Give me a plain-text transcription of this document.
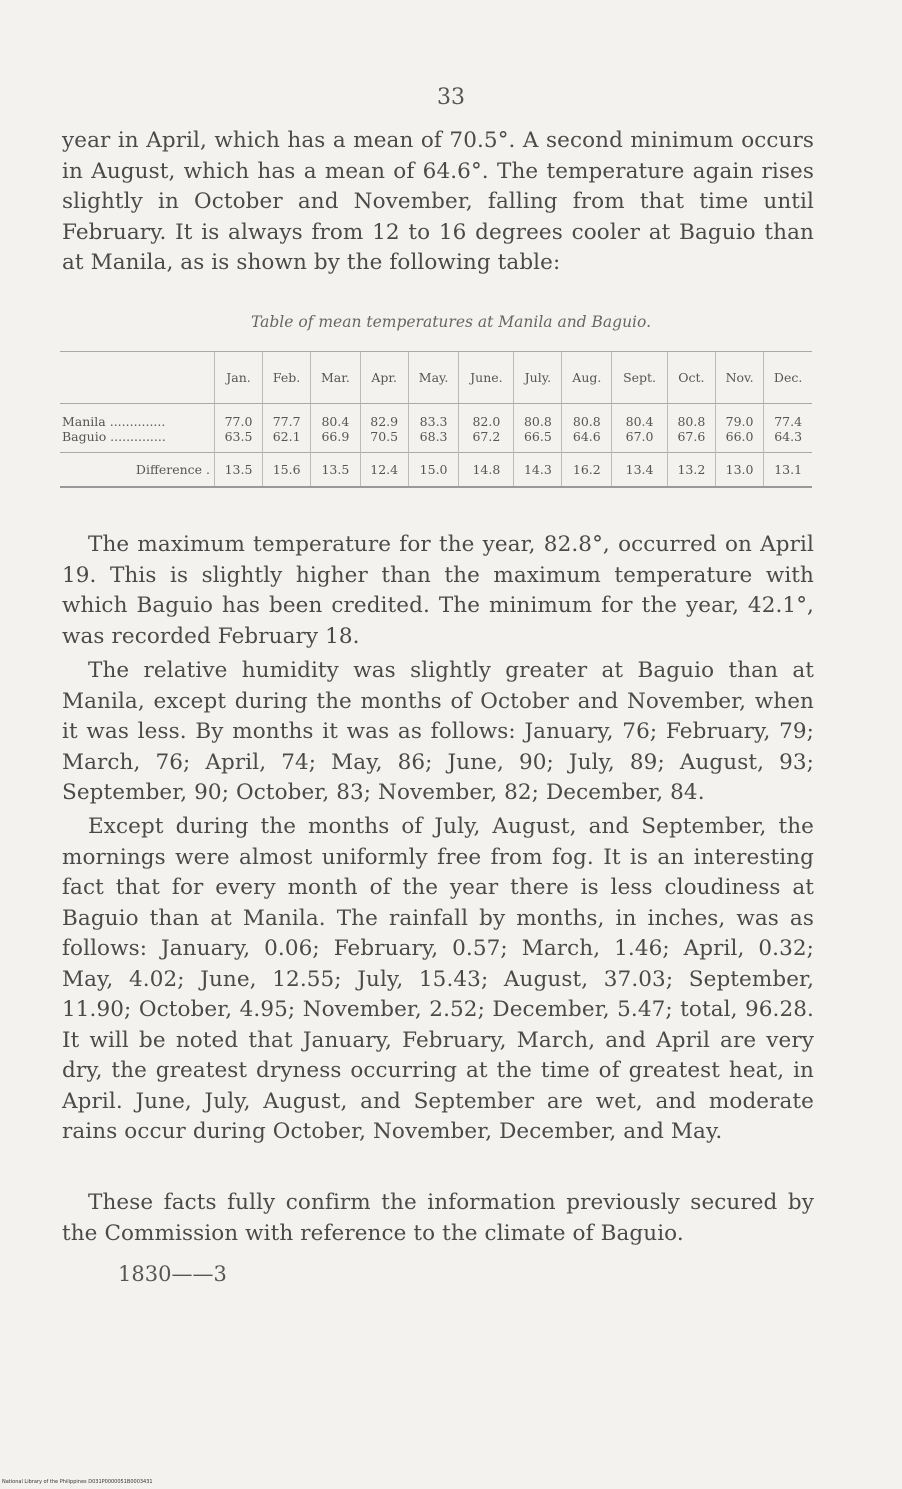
33

year in April, which has a mean of 70.5°. A second minimum occurs in August, which has a mean of 64.6°. The temperature again rises slightly in October and November, falling from that time until February. It is always from 12 to 16 degrees cooler at Baguio than at Manila, as is shown by the following table:

Table of mean temperatures at Manila and Baguio.
	Jan.	Feb.	Mar.	Apr.	May.	June.	July.	Aug.	Sept.	Oct.	Nov.	Dec.
Manila ..............	77.0	77.7	80.4	82.9	83.3	82.0	80.8	80.8	80.4	80.8	79.0	77.4
Baguio ..............	63.5	62.1	66.9	70.5	68.3	67.2	66.5	64.6	67.0	67.6	66.0	64.3
Difference .	13.5	15.6	13.5	12.4	15.0	14.8	14.3	16.2	13.4	13.2	13.0	13.1

The maximum temperature for the year, 82.8°, occurred on April 19. This is slightly higher than the maximum temperature with which Baguio has been credited. The minimum for the year, 42.1°, was recorded February 18.

The relative humidity was slightly greater at Baguio than at Manila, except during the months of October and November, when it was less. By months it was as follows: January, 76; February, 79; March, 76; April, 74; May, 86; June, 90; July, 89; August, 93; September, 90; October, 83; November, 82; December, 84.

Except during the months of July, August, and September, the mornings were almost uniformly free from fog. It is an interesting fact that for every month of the year there is less cloudiness at Baguio than at Manila. The rainfall by months, in inches, was as follows: January, 0.06; February, 0.57; March, 1.46; April, 0.32; May, 4.02; June, 12.55; July, 15.43; August, 37.03; September, 11.90; October, 4.95; November, 2.52; December, 5.47; total, 96.28. It will be noted that January, February, March, and April are very dry, the greatest dryness occurring at the time of greatest heat, in April. June, July, August, and September are wet, and moderate rains occur during October, November, December, and May.

These facts fully confirm the information previously secured by the Commission with reference to the climate of Baguio.

1830——3
National Library of the Philippines D031P0000051B0003431
